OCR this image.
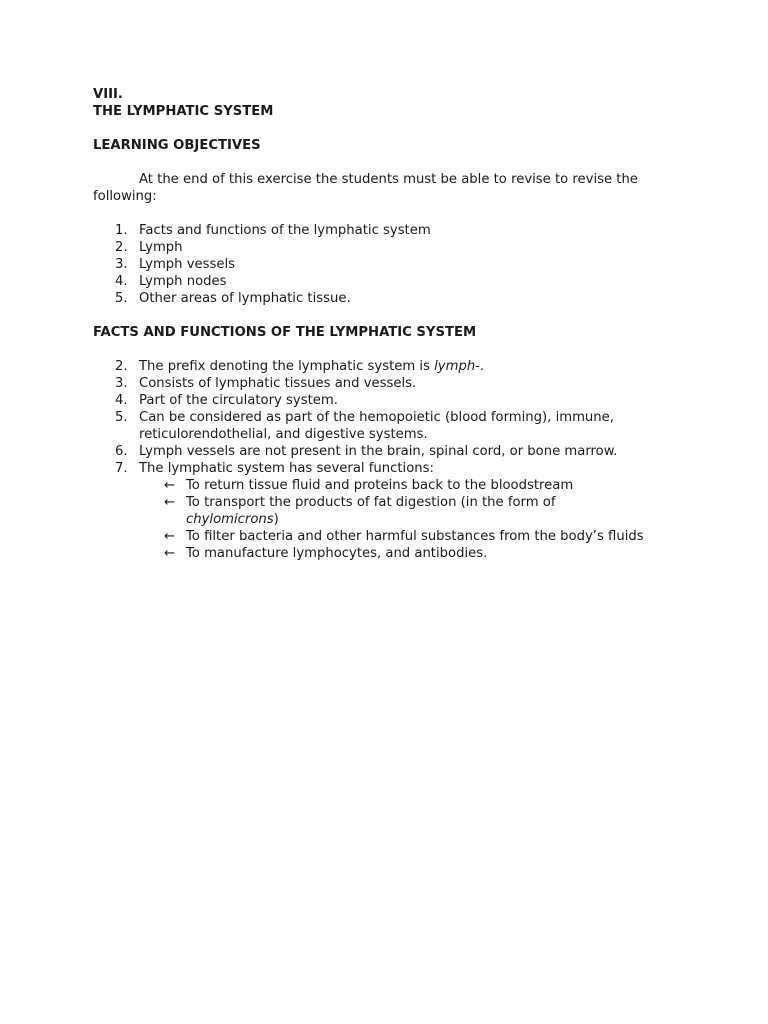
VIII.

THE LYMPHATIC SYSTEM

LEARNING OBJECTIVES

At the end of this exercise the students must be able to revise to revise the
following:

1. Facts and functions of the lymphatic system
2. Lymph
3. Lymph vessels
4. Lymph nodes
5. Other areas of lymphatic tissue.

FACTS AND FUNCTIONS OF THE LYMPHATIC SYSTEM

2. The prefix denoting the lymphatic system is lymph-.
3. Consists of lymphatic tissues and vessels.
4. Part of the circulatory system.
5. Can be considered as part of the hemopoietic (blood forming), immune,
reticulorendothelial, and digestive systems.
6. Lymph vessels are not present in the brain, spinal cord, or bone marrow.
7. The lymphatic system has several functions:
← To return tissue fluid and proteins back to the bloodstream
← To transport the products of fat digestion (in the form of
chylomicrons)
← To filter bacteria and other harmful substances from the body’s fluids
← To manufacture lymphocytes, and antibodies.
